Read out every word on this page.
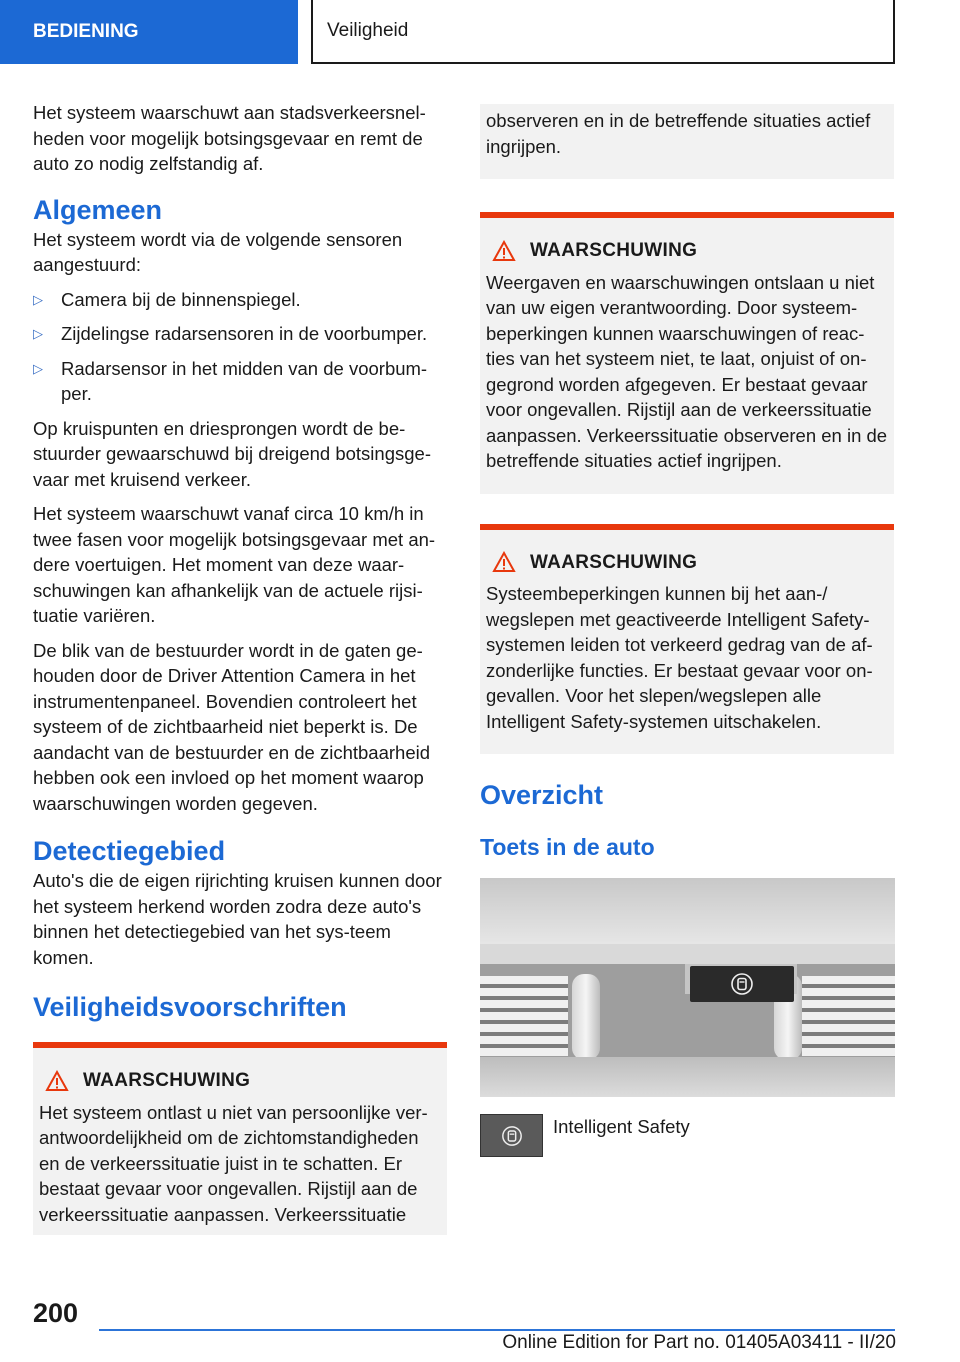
BEDIENING	Veiligheid

Het systeem waarschuwt aan stadsverkeersnel-heden voor mogelijk botsingsgevaar en remt de auto zo nodig zelfstandig af.

Algemeen

Het systeem wordt via de volgende sensoren aangestuurd:

▷ Camera bij de binnenspiegel.
▷ Zijdelingse radarsensoren in de voorbumper.
▷ Radarsensor in het midden van de voorbum-per.

Op kruispunten en driesprongen wordt de be-stuurder gewaarschuwd bij dreigend botsingsge-vaar met kruisend verkeer.

Het systeem waarschuwt vanaf circa 10 km/h in twee fasen voor mogelijk botsingsgevaar met an-dere voertuigen. Het moment van deze waar-schuwingen kan afhankelijk van de actuele rijsi-tuatie variëren.

De blik van de bestuurder wordt in de gaten ge-houden door de Driver Attention Camera in het instrumentenpaneel. Bovendien controleert het systeem of de zichtbaarheid niet beperkt is. De aandacht van de bestuurder en de zichtbaarheid hebben ook een invloed op het moment waarop waarschuwingen worden gegeven.

Detectiegebied

Auto's die de eigen rijrichting kruisen kunnen door het systeem herkend worden zodra deze auto's binnen het detectiegebied van het sys-teem komen.

Veiligheidsvoorschriften
WAARSCHUWING
Het systeem ontlast u niet van persoonlijke ver-antwoordelijkheid om de zichtomstandigheden en de verkeerssituatie juist in te schatten. Er bestaat gevaar voor ongevallen. Rijstijl aan de verkeerssituatie aanpassen. Verkeerssituatie
observeren en in de betreffende situaties actief ingrijpen.
WAARSCHUWING
Weergaven en waarschuwingen ontslaan u niet van uw eigen verantwoording. Door systeem-beperkingen kunnen waarschuwingen of reac-ties van het systeem niet, te laat, onjuist of on-gegrond worden afgegeven. Er bestaat gevaar voor ongevallen. Rijstijl aan de verkeerssituatie aanpassen. Verkeerssituatie observeren en in de betreffende situaties actief ingrijpen.
WAARSCHUWING
Systeembeperkingen kunnen bij het aan-/ wegslepen met geactiveerde Intelligent Safety-systemen leiden tot verkeerd gedrag van de af-zonderlijke functies. Er bestaat gevaar voor on-gevallen. Voor het slepen/wegslepen alle Intelligent Safety-systemen uitschakelen.
Overzicht
Toets in de auto
Intelligent Safety
200
Online Edition for Part no. 01405A03411 - II/20
